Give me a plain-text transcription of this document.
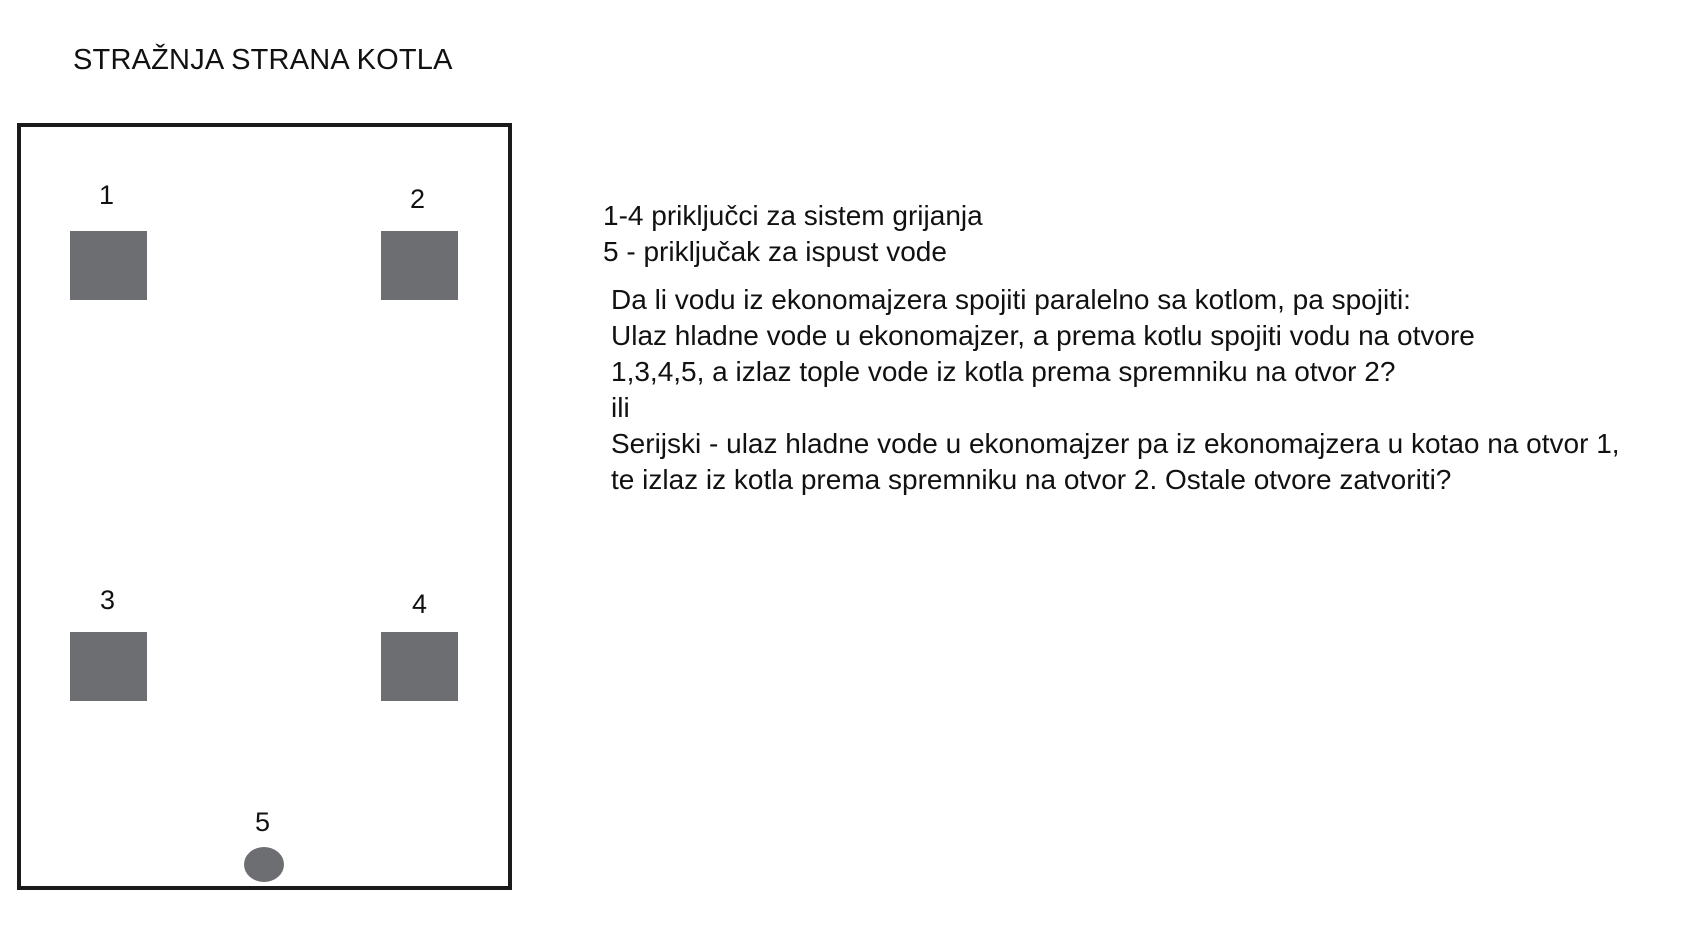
STRAŽNJA STRANA KOTLA
1	2
3	4
5
1-4 priključci za sistem grijanja
5 - priključak za ispust vode
Da li vodu iz ekonomajzera spojiti paralelno sa kotlom, pa spojiti:
Ulaz hladne vode u ekonomajzer, a prema kotlu spojiti vodu na otvore
1,3,4,5, a izlaz tople vode iz kotla prema spremniku na otvor 2?
ili
Serijski - ulaz hladne vode u ekonomajzer pa iz ekonomajzera u kotao na otvor 1,
te izlaz iz kotla prema spremniku na otvor 2. Ostale otvore zatvoriti?
